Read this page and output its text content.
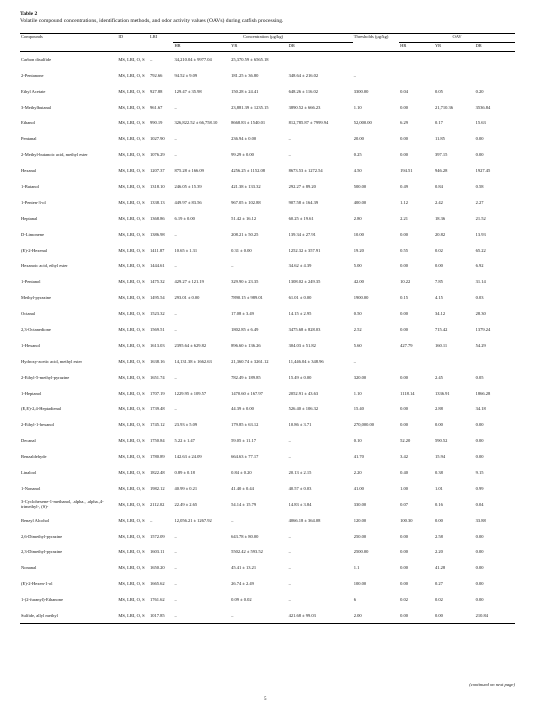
Table 2
Volatile compound concentrations, identification methods, and odor activity values (OAVs) during catfish processing.
Compounds	ID	LRI	Concentration (μg/kg)			Thresholds (μg/kg)	OAV		
			HR	YR	DR		HR	YR	DR
Carbon disulfide	MS, LRI, O, S	–	34,210.04 ± 9977.04	25,370.59 ± 6565.18					
2-Pentanone	MS, LRI, O, S	792.66	94.52 ± 9.09	181.25 ± 36.80	348.64 ± 216.02	–			
Ethyl Acetate	MS, LRI, O, S	927.88	129.47 ± 35.98	150.28 ± 24.41	648.26 ± 116.02	3300.00	0.04	0.05	0.20
3-Methylbutanal	MS, LRI, O, S	961.67	–	23,881.39 ± 1235.15	3890.52 ± 666.23	1.10	0.00	21,710.36	3536.84
Ethanol	MS, LRI, O, S	990.19	326,822.52 ± 66,758.10	8668.83 ± 1540.01	812,785.87 ± 7999.94	52,000.00	6.29	0.17	15.63
Pentanal	MS, LRI, O, S	1027.90	–	236.94 ± 0.00	–	20.00	0.00	11.85	0.00
2-Methyl-butanoic acid, methyl ester	MS, LRI, O, S	1076.29	–	99.29 ± 0.00	–	0.25	0.00	397.15	0.00
Hexanal	MS, LRI, O, S	1207.37	875.28 ± 166.09	4256.25 ± 1152.08	8673.53 ± 1272.54	4.50	194.51	946.28	1927.45
1-Butanol	MS, LRI, O, S	1318.10	246.05 ± 15.39	421.38 ± 133.32	292.27 ± 89.20	500.00	0.49	0.84	0.58
1-Penten-3-ol	MS, LRI, O, S	1338.13	449.97 ± 83.56	967.05 ± 102.88	907.58 ± 164.39	400.00	1.12	2.42	2.27
Heptanal	MS, LRI, O, S	1368.86	6.19 ± 0.00	51.42 ± 16.12	60.25 ± 19.61	2.80	2.21	18.36	21.52
D-Limonene	MS, LRI, O, S	1386.98	–	208.21 ± 50.25	139.34 ± 27.91	10.00	0.00	20.82	13.93
(E)-2-Hexenal	MS, LRI, O, S	1411.87	10.65 ± 1.31	0.31 ± 0.00	1252.32 ± 357.91	19.20	0.55	0.02	65.22
Hexanoic acid, ethyl ester	MS, LRI, O, S	1444.61	–	–	34.62 ± 4.39	5.00	0.00	0.00	6.92
1-Pentanol	MS, LRI, O, S	1475.32	429.27 ± 121.19	329.90 ± 23.35	1308.02 ± 249.35	42.00	10.22	7.85	31.14
Methyl-pyrazine	MS, LRI, O, S	1495.54	293.01 ± 0.00	7890.15 ± 989.01	61.01 ± 0.00	1900.00	0.15	4.15	0.03
Octanal	MS, LRI, O, S	1523.32	–	17.08 ± 3.49	14.15 ± 2.95	0.50	0.00	34.12	28.30
2,3-Octanedione	MS, LRI, O, S	1569.51	–	1802.85 ± 6.49	3475.68 ± 828.03	2.52	0.00	715.42	1379.24
1-Hexanol	MS, LRI, O, S	1613.03	2395.64 ± 629.82	896.60 ± 136.26	304.03 ± 51.82	5.60	427.79	160.11	54.29
Hydroxy-acetic acid, methyl ester	MS, LRI, O, S	1638.16	14,131.38 ± 1662.63	21,360.74 ± 3261.12	11,446.04 ± 348.96	–			
2-Ethyl-5-methyl-pyrazine	MS, LRI, O, S	1651.74	–	782.49 ± 189.85	15.49 ± 0.00	320.00	0.00	2.45	0.05
1-Heptanol	MS, LRI, O, S	1707.19	1229.95 ± 109.57	1470.60 ± 167.97	2052.91 ± 43.63	1.10	1118.14	1336.91	1866.28
(E,E)-2,4-Heptadienal	MS, LRI, O, S	1739.48	–	44.39 ± 0.00	526.40 ± 106.32	15.40	0.00	2.88	34.18
2-Ethyl-1-hexanol	MS, LRI, O, S	1745.12	23.93 ± 5.09	179.85 ± 63.12	10.86 ± 3.71	270,000.00	0.00	0.00	0.00
Decanal	MS, LRI, O, S	1750.84	5.22 ± 1.47	59.05 ± 11.17	–	0.10	52.20	590.52	0.00
Benzaldehyde	MS, LRI, O, S	1780.89	142.63 ± 24.09	664.63 ± 77.17	–	41.70	3.42	15.94	0.00
Linalool	MS, LRI, O, S	1822.48	0.89 ± 0.18	0.84 ± 0.20	20.13 ± 2.15	2.20	0.40	0.38	9.15
1-Nonanol	MS, LRI, O, S	1982.12	40.99 ± 0.21	41.40 ± 0.44	40.57 ± 0.03	41.00	1.00	1.01	0.99
3-Cyclohexene-1-methanol, .alpha., .alpha.,4-trimethyl-, (S)-	MS, LRI, O, S	2112.02	22.49 ± 2.65	54.14 ± 15.79	14.83 ± 3.84	330.00	0.07	0.16	0.04
Benzyl Alcohol	MS, LRI, O, S	–	12,056.21 ± 1267.92	–	4066.18 ± 364.08	120.00	100.30	0.00	33.88
2,6-Dimethyl-pyrazine	MS, LRI, O, S	1572.09	–	643.78 ± 80.00	–	250.00	0.00	2.58	0.00
2,3-Dimethyl-pyrazine	MS, LRI, O, S	1603.11	–	5502.42 ± 593.52	–	2500.00	0.00	2.20	0.00
Nonanal	MS, LRI, O, S	1650.20	–	45.41 ± 13.21	–	1.1	0.00	41.28	0.00
(E)-2-Hexen-1-ol	MS, LRI, O, S	1665.62	–	26.74 ± 2.49	–	100.00	0.00	0.27	0.00
1-(2-furanyl)-Ethanone	MS, LRI, O, S	1761.62	–	0.09 ± 0.02	–	6	0.02	0.02	0.00
Sulfide, allyl methyl	MS, LRI, O, S	1017.85	–	–	421.68 ± 99.03	2.00	0.00	0.00	210.84
(continued on next page)
5
